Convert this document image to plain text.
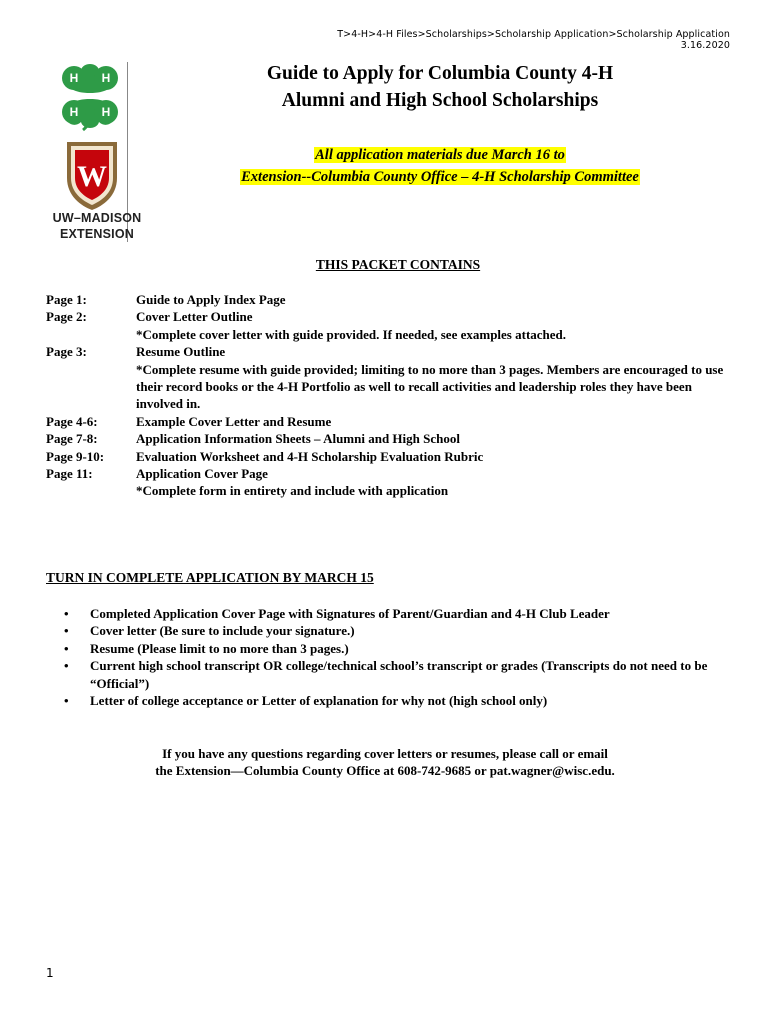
T>4-H>4-H Files>Scholarships>Scholarship Application>Scholarship Application 3.16.2020
H H
H H
W
UW–MADISON
EXTENSION
Guide to Apply for Columbia County 4-H
Alumni and High School Scholarships
All application materials due March 16 to
Extension--Columbia County Office – 4-H Scholarship Committee
THIS PACKET CONTAINS
Page 1:	Guide to Apply Index Page
Page 2:	Cover Letter Outline
*Complete cover letter with guide provided. If needed, see examples attached.
Page 3:	Resume Outline
*Complete resume with guide provided; limiting to no more than 3 pages. Members are encouraged to use their record books or the 4-H Portfolio as well to recall activities and leadership roles they have been involved in.
Page 4-6:	Example Cover Letter and Resume
Page 7-8:	Application Information Sheets – Alumni and High School
Page 9-10:	Evaluation Worksheet and 4-H Scholarship Evaluation Rubric
Page 11:	Application Cover Page
*Complete form in entirety and include with application
TURN IN COMPLETE APPLICATION BY MARCH 15
•	Completed Application Cover Page with Signatures of Parent/Guardian and 4-H Club Leader
•	Cover letter (Be sure to include your signature.)
•	Resume (Please limit to no more than 3 pages.)
•	Current high school transcript OR college/technical school’s transcript or grades (Transcripts do not need to be “Official”)
•	Letter of college acceptance or Letter of explanation for why not (high school only)
If you have any questions regarding cover letters or resumes, please call or email
the Extension—Columbia County Office at 608-742-9685 or pat.wagner@wisc.edu.
1
